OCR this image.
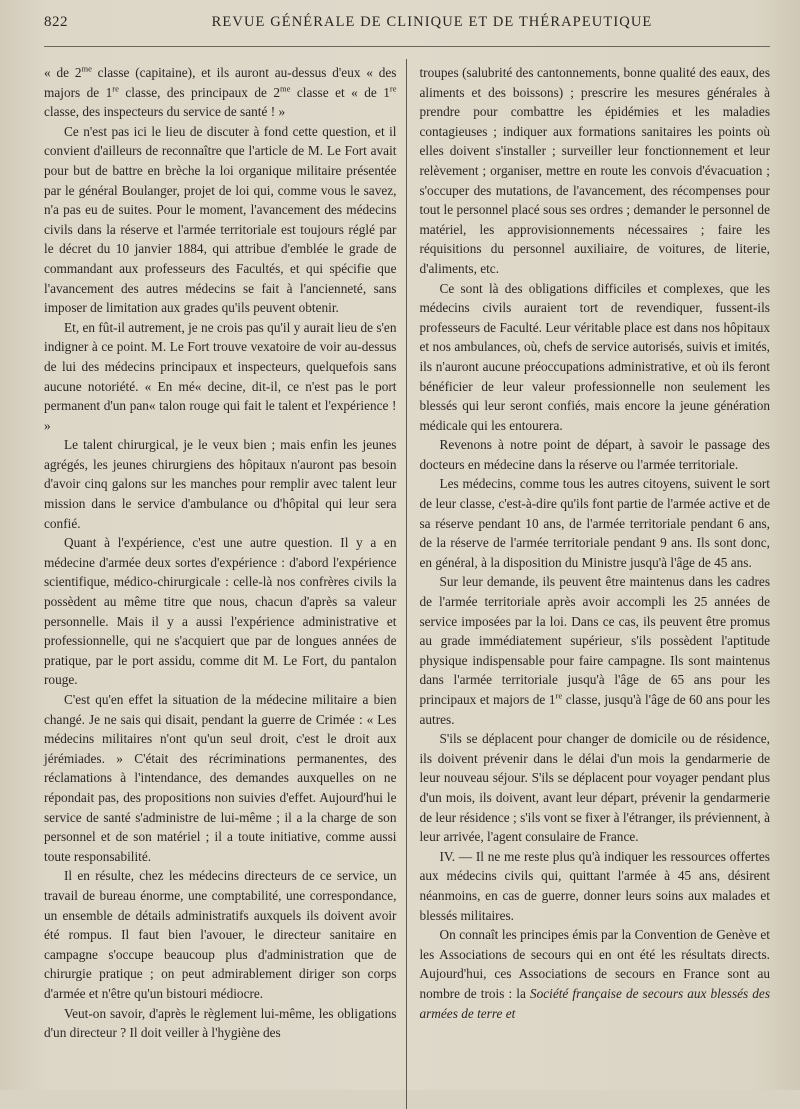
822	REVUE GÉNÉRALE DE CLINIQUE ET DE THÉRAPEUTIQUE

« de $2^{me}$ classe (capitaine), et ils auront au-dessus d'eux « des majors de 1re classe, des principaux de $2^{me}$ classe et « de 1re classe, des inspecteurs du service de santé ! »

Ce n'est pas ici le lieu de discuter à fond cette question, et il convient d'ailleurs de reconnaître que l'article de M. Le Fort avait pour but de battre en brèche la loi organique militaire présentée par le général Boulanger, projet de loi qui, comme vous le savez, n'a pas eu de suites. Pour le moment, l'avancement des médecins civils dans la réserve et l'armée territoriale est toujours réglé par le décret du 10 janvier 1884, qui attribue d'emblée le grade de commandant aux professeurs des Facultés, et qui spécifie que l'avancement des autres médecins se fait à l'ancienneté, sans imposer de limitation aux grades qu'ils peuvent obtenir.

Et, en fût-il autrement, je ne crois pas qu'il y aurait lieu de s'en indigner à ce point. M. Le Fort trouve vexatoire de voir au-dessus de lui des médecins principaux et inspecteurs, quelquefois sans aucune notoriété. « En mé« decine, dit-il, ce n'est pas le port permanent d'un pan« talon rouge qui fait le talent et l'expérience ! »

Le talent chirurgical, je le veux bien ; mais enfin les jeunes agrégés, les jeunes chirurgiens des hôpitaux n'auront pas besoin d'avoir cinq galons sur les manches pour remplir avec talent leur mission dans le service d'ambulance ou d'hôpital qui leur sera confié.

Quant à l'expérience, c'est une autre question. Il y a en médecine d'armée deux sortes d'expérience : d'abord l'expérience scientifique, médico-chirurgicale : celle-là nos confrères civils la possèdent au même titre que nous, chacun d'après sa valeur personnelle. Mais il y a aussi l'expérience administrative et professionnelle, qui ne s'acquiert que par de longues années de pratique, par le port assidu, comme dit M. Le Fort, du pantalon rouge.

C'est qu'en effet la situation de la médecine militaire a bien changé. Je ne sais qui disait, pendant la guerre de Crimée : « Les médecins militaires n'ont qu'un seul droit, c'est le droit aux jérémiades. » C'était des récriminations permanentes, des réclamations à l'intendance, des demandes auxquelles on ne répondait pas, des propositions non suivies d'effet. Aujourd'hui le service de santé s'administre de lui-même ; il a la charge de son personnel et de son matériel ; il a toute initiative, comme aussi toute responsabilité.

Il en résulte, chez les médecins directeurs de ce service, un travail de bureau énorme, une comptabilité, une correspondance, un ensemble de détails administratifs auxquels ils doivent avoir été rompus. Il faut bien l'avouer, le directeur sanitaire en campagne s'occupe beaucoup plus d'administration que de chirurgie pratique ; on peut admirablement diriger son corps d'armée et n'être qu'un bistouri médiocre.

Veut-on savoir, d'après le règlement lui-même, les obligations d'un directeur ? Il doit veiller à l'hygiène des

troupes (salubrité des cantonnements, bonne qualité des eaux, des aliments et des boissons) ; prescrire les mesures générales à prendre pour combattre les épidémies et les maladies contagieuses ; indiquer aux formations sanitaires les points où elles doivent s'installer ; surveiller leur fonctionnement et leur relèvement ; organiser, mettre en route les convois d'évacuation ; s'occuper des mutations, de l'avancement, des récompenses pour tout le personnel placé sous ses ordres ; demander le personnel de matériel, les approvisionnements nécessaires ; faire les réquisitions du personnel auxiliaire, de voitures, de literie, d'aliments, etc.

Ce sont là des obligations difficiles et complexes, que les médecins civils auraient tort de revendiquer, fussent-ils professeurs de Faculté. Leur véritable place est dans nos hôpitaux et nos ambulances, où, chefs de service autorisés, suivis et imités, ils n'auront aucune préoccupations administrative, et où ils feront bénéficier de leur valeur professionnelle non seulement les blessés qui leur seront confiés, mais encore la jeune génération médicale qui les entourera.

Revenons à notre point de départ, à savoir le passage des docteurs en médecine dans la réserve ou l'armée territoriale.

Les médecins, comme tous les autres citoyens, suivent le sort de leur classe, c'est-à-dire qu'ils font partie de l'armée active et de sa réserve pendant 10 ans, de l'armée territoriale pendant 6 ans, de la réserve de l'armée territoriale pendant 9 ans. Ils sont donc, en général, à la disposition du Ministre jusqu'à l'âge de 45 ans.

Sur leur demande, ils peuvent être maintenus dans les cadres de l'armée territoriale après avoir accompli les 25 années de service imposées par la loi. Dans ce cas, ils peuvent être promus au grade immédiatement supérieur, s'ils possèdent l'aptitude physique indispensable pour faire campagne. Ils sont maintenus dans l'armée territoriale jusqu'à l'âge de 65 ans pour les principaux et majors de 1re classe, jusqu'à l'âge de 60 ans pour les autres.

S'ils se déplacent pour changer de domicile ou de résidence, ils doivent prévenir dans le délai d'un mois la gendarmerie de leur nouveau séjour. S'ils se déplacent pour voyager pendant plus d'un mois, ils doivent, avant leur départ, prévenir la gendarmerie de leur résidence ; s'ils vont se fixer à l'étranger, ils préviennent, à leur arrivée, l'agent consulaire de France.

IV. — Il ne me reste plus qu'à indiquer les ressources offertes aux médecins civils qui, quittant l'armée à 45 ans, désirent néanmoins, en cas de guerre, donner leurs soins aux malades et blessés militaires.

On connaît les principes émis par la Convention de Genève et les Associations de secours qui en ont été les résultats directs. Aujourd'hui, ces Associations de secours en France sont au nombre de trois : la Société française de secours aux blessés des armées de terre et
